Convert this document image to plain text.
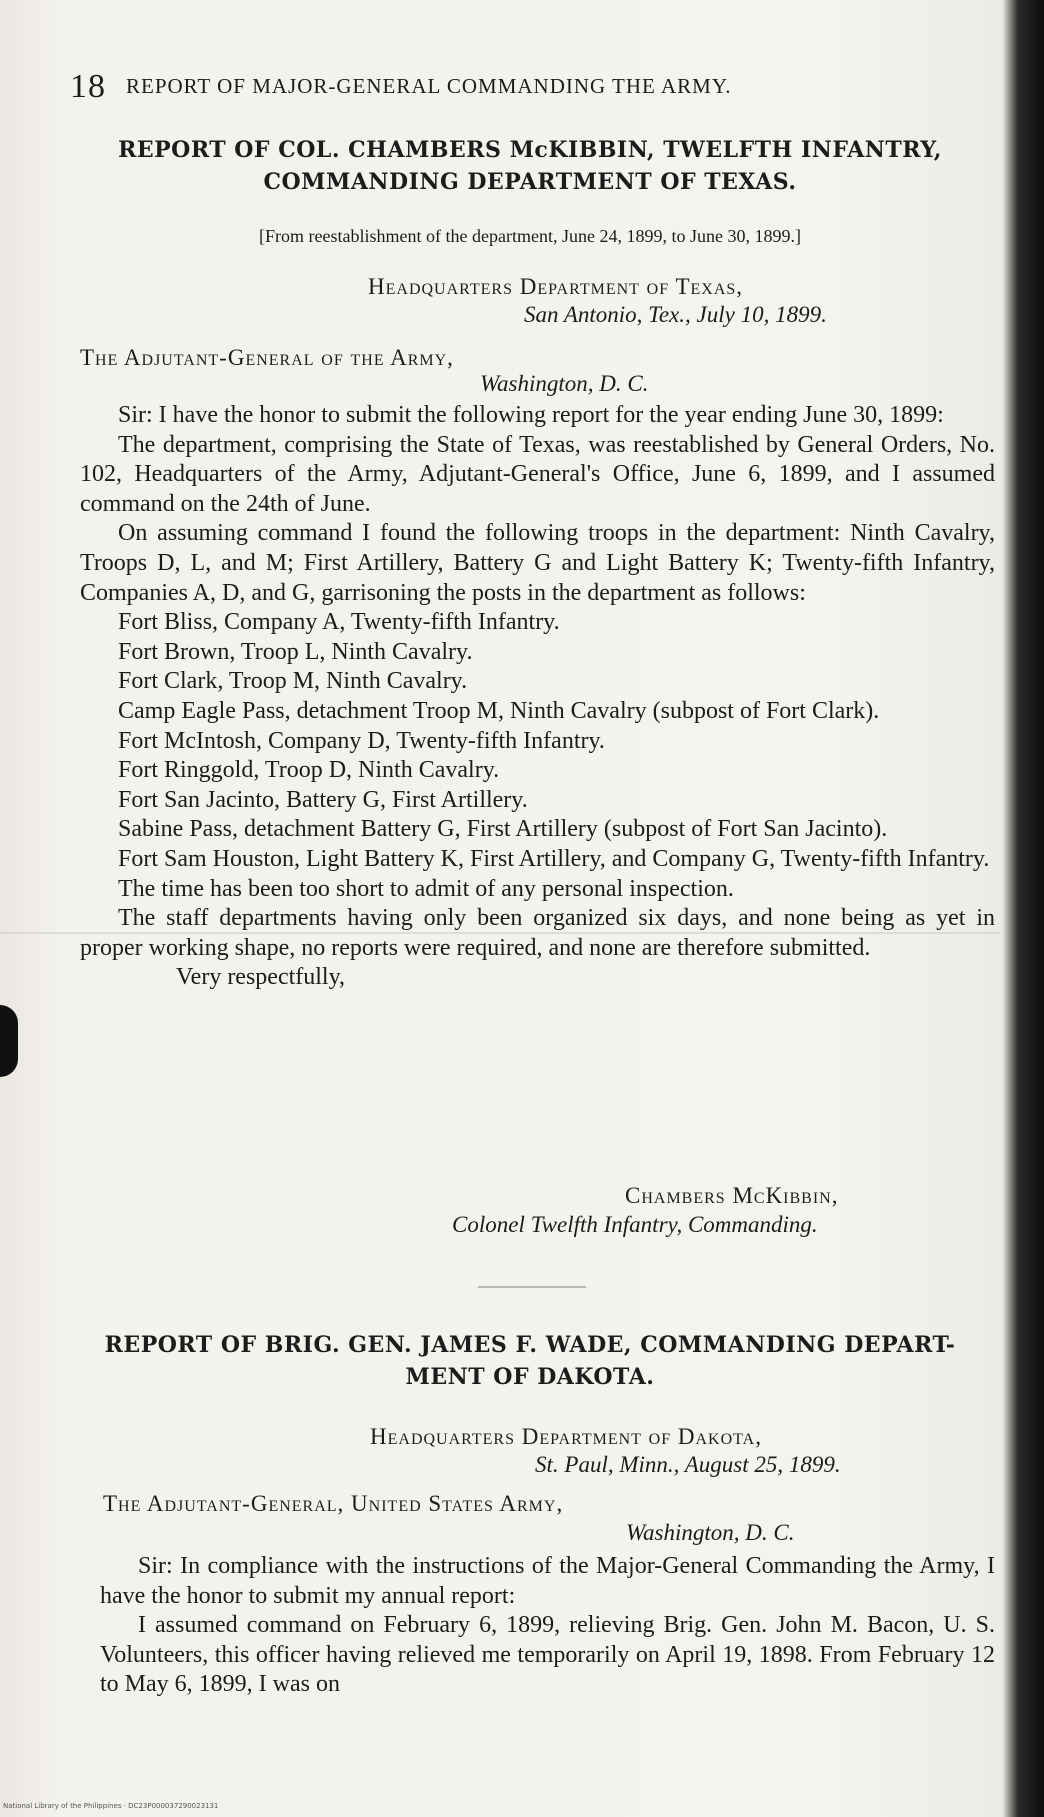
18 REPORT OF MAJOR-GENERAL COMMANDING THE ARMY.
REPORT OF COL. CHAMBERS McKIBBIN, TWELFTH INFANTRY,
COMMANDING DEPARTMENT OF TEXAS.
[From reestablishment of the department, June 24, 1899, to June 30, 1899.]
Headquarters Department of Texas,
San Antonio, Tex., July 10, 1899.
The Adjutant-General of the Army,
Washington, D. C.

Sir: I have the honor to submit the following report for the year ending June 30, 1899:

The department, comprising the State of Texas, was reestablished by General Orders, No. 102, Headquarters of the Army, Adjutant-General's Office, June 6, 1899, and I assumed command on the 24th of June.

On assuming command I found the following troops in the department: Ninth Cavalry, Troops D, L, and M; First Artillery, Battery G and Light Battery K; Twenty-fifth Infantry, Companies A, D, and G, garrisoning the posts in the department as follows:

Fort Bliss, Company A, Twenty-fifth Infantry.

Fort Brown, Troop L, Ninth Cavalry.

Fort Clark, Troop M, Ninth Cavalry.

Camp Eagle Pass, detachment Troop M, Ninth Cavalry (subpost of Fort Clark).

Fort McIntosh, Company D, Twenty-fifth Infantry.

Fort Ringgold, Troop D, Ninth Cavalry.

Fort San Jacinto, Battery G, First Artillery.

Sabine Pass, detachment Battery G, First Artillery (subpost of Fort San Jacinto).

Fort Sam Houston, Light Battery K, First Artillery, and Company G, Twenty-fifth Infantry.

The time has been too short to admit of any personal inspection.

The staff departments having only been organized six days, and none being as yet in proper working shape, no reports were required, and none are therefore submitted.

Very respectfully,

Chambers McKibbin,
Colonel Twelfth Infantry, Commanding.
REPORT OF BRIG. GEN. JAMES F. WADE, COMMANDING DEPART-
MENT OF DAKOTA.
Headquarters Department of Dakota,
St. Paul, Minn., August 25, 1899.
The Adjutant-General, United States Army,
Washington, D. C.

Sir: In compliance with the instructions of the Major-General Commanding the Army, I have the honor to submit my annual report:

I assumed command on February 6, 1899, relieving Brig. Gen. John M. Bacon, U. S. Volunteers, this officer having relieved me temporarily on April 19, 1898. From February 12 to May 6, 1899, I was on

National Library of the Philippines · DC23P000037290023131
